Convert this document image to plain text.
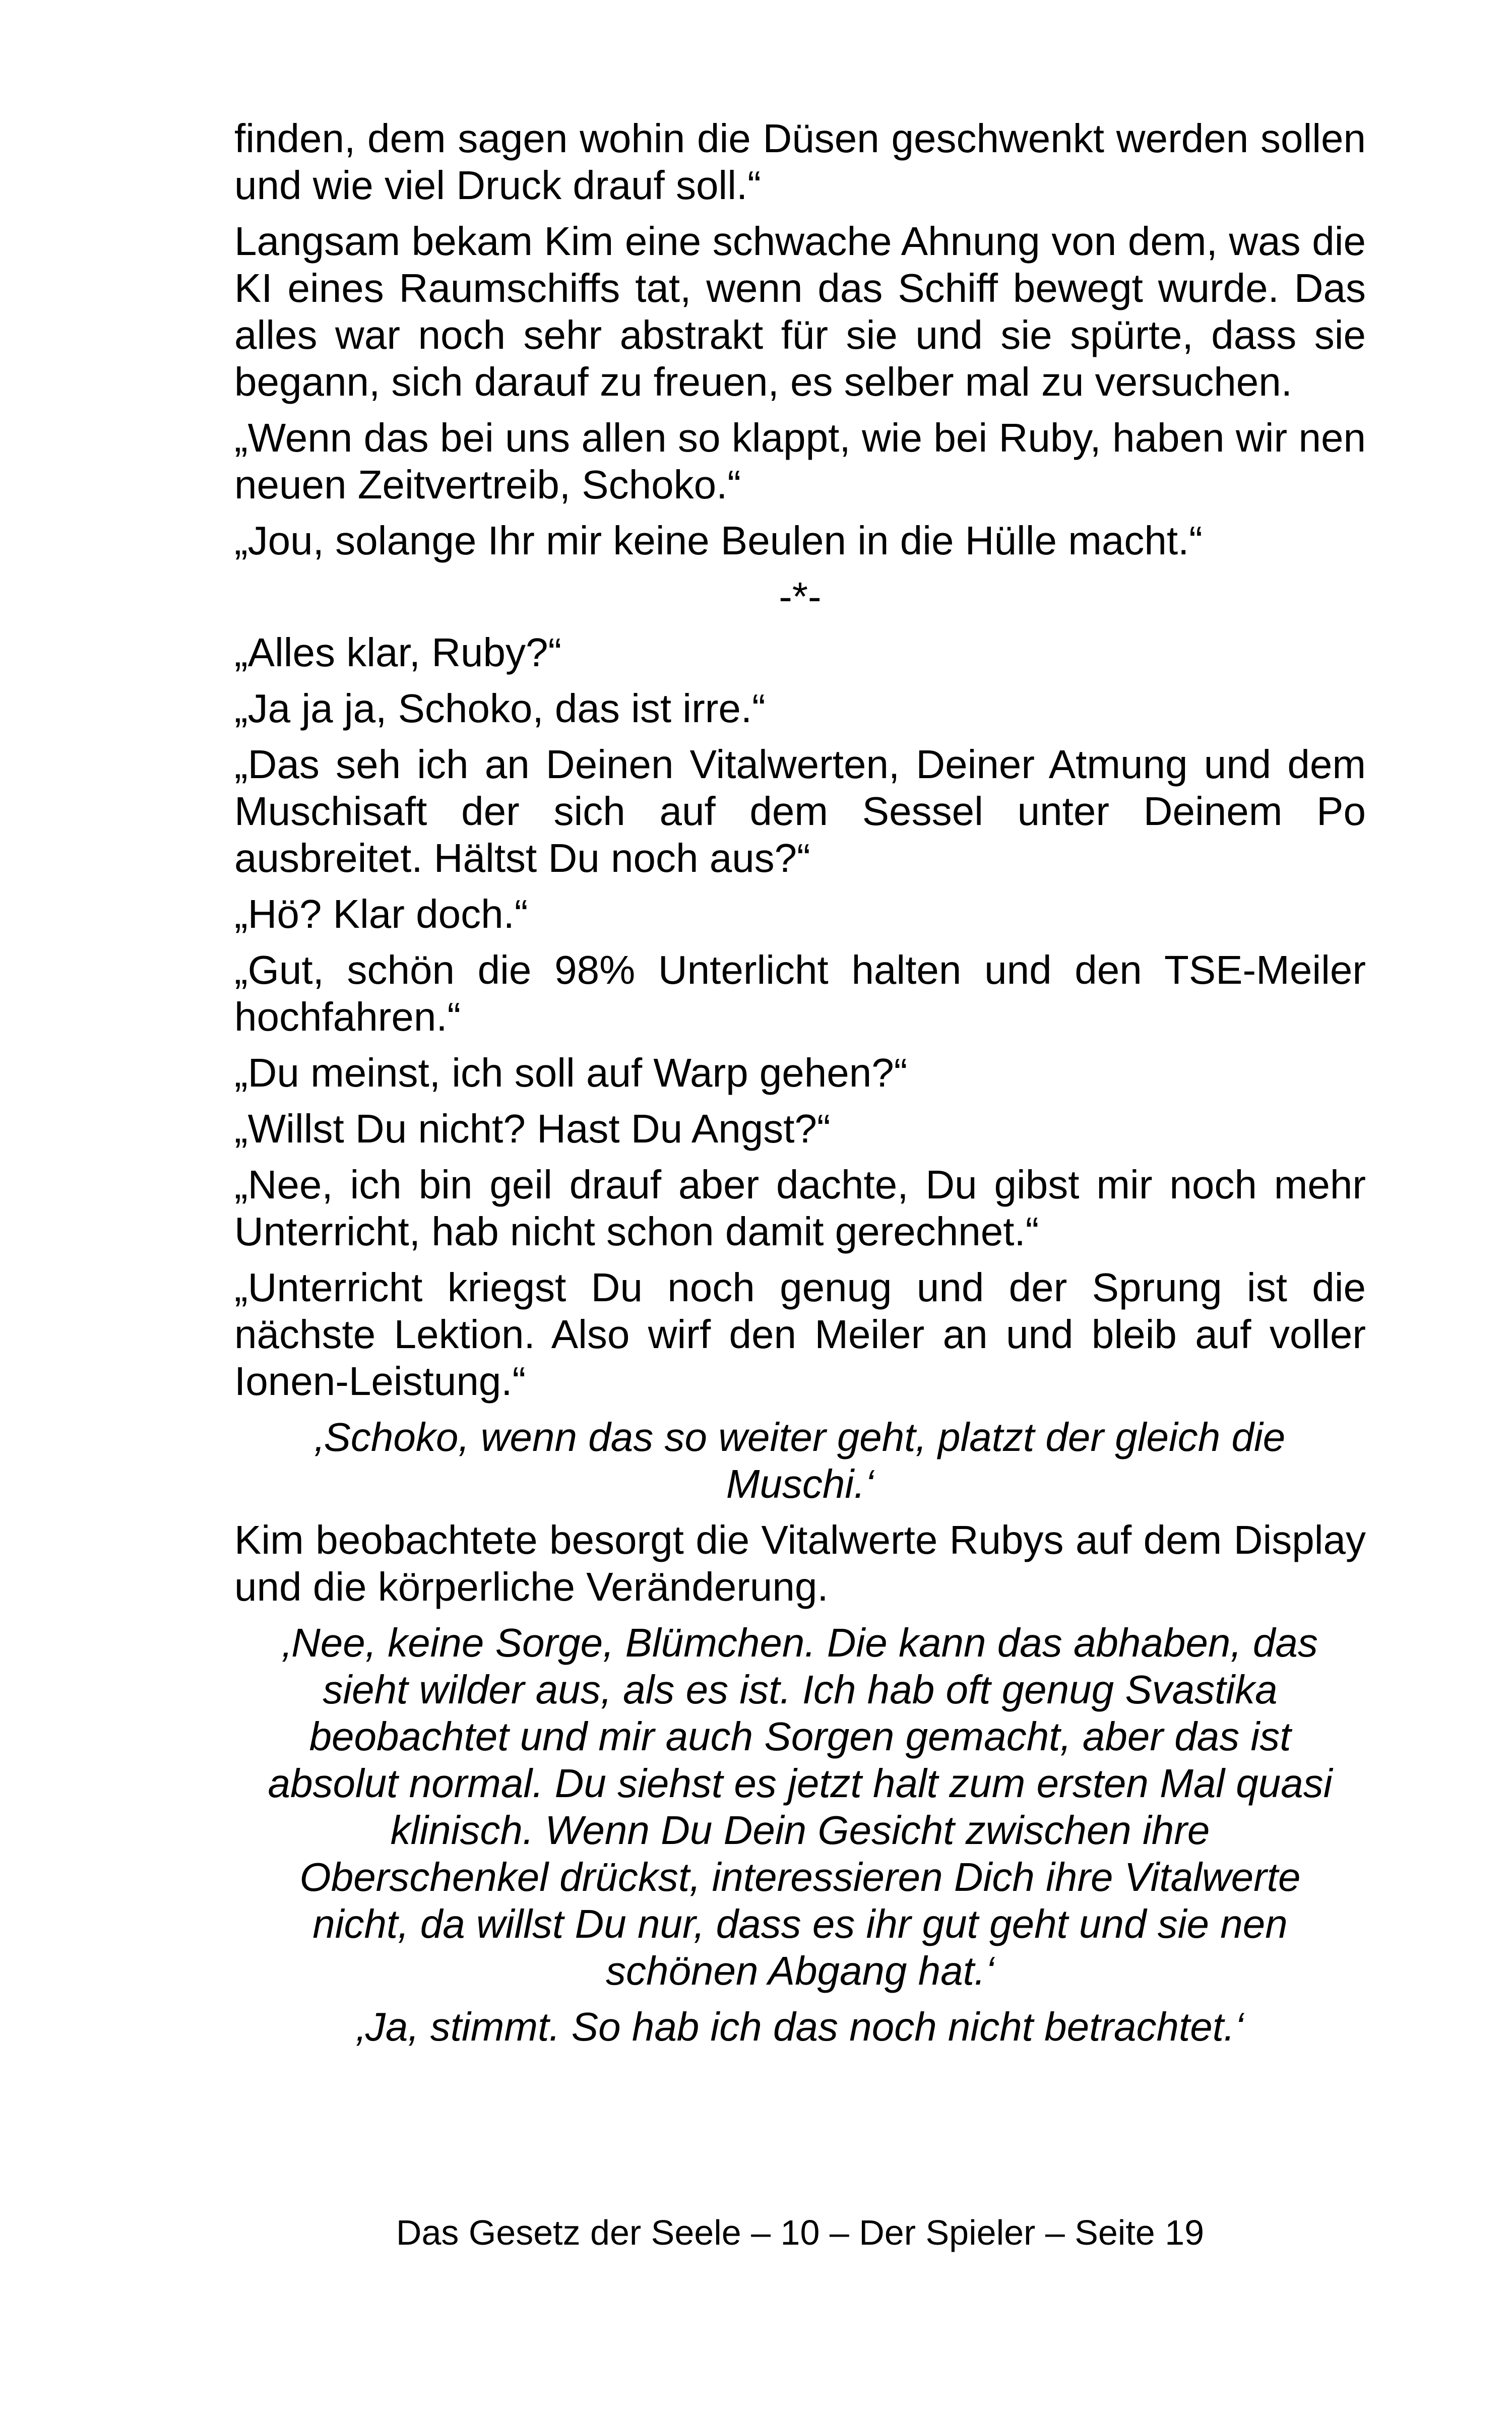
finden, dem sagen wohin die Düsen geschwenkt werden sollen und wie viel Druck drauf soll.“

Langsam bekam Kim eine schwache Ahnung von dem, was die KI eines Raumschiffs tat, wenn das Schiff bewegt wurde. Das alles war noch sehr abstrakt für sie und sie spürte, dass sie begann, sich darauf zu freuen, es selber mal zu versuchen.

„Wenn das bei uns allen so klappt, wie bei Ruby, haben wir nen neuen Zeitvertreib, Schoko.“

„Jou, solange Ihr mir keine Beulen in die Hülle macht.“

-*-

„Alles klar, Ruby?“

„Ja ja ja, Schoko, das ist irre.“

„Das seh ich an Deinen Vitalwerten, Deiner Atmung und dem Muschisaft der sich auf dem Sessel unter Deinem Po ausbreitet. Hältst Du noch aus?“

„Hö? Klar doch.“

„Gut, schön die 98% Unterlicht halten und den TSE-Meiler hochfahren.“

„Du meinst, ich soll auf Warp gehen?“

„Willst Du nicht? Hast Du Angst?“

„Nee, ich bin geil drauf aber dachte, Du gibst mir noch mehr Unterricht, hab nicht schon damit gerechnet.“

„Unterricht kriegst Du noch genug und der Sprung ist die nächste Lektion. Also wirf den Meiler an und bleib auf voller Ionen-Leistung.“

‚Schoko, wenn das so weiter geht, platzt der gleich die Muschi.‘

Kim beobachtete besorgt die Vitalwerte Rubys auf dem Display und die körperliche Veränderung.

‚Nee, keine Sorge, Blümchen. Die kann das abhaben, das sieht wilder aus, als es ist. Ich hab oft genug Svastika beobachtet und mir auch Sorgen gemacht, aber das ist absolut normal. Du siehst es jetzt halt zum ersten Mal quasi klinisch. Wenn Du Dein Gesicht zwischen ihre Oberschenkel drückst, interessieren Dich ihre Vitalwerte nicht, da willst Du nur, dass es ihr gut geht und sie nen schönen Abgang hat.‘

‚Ja, stimmt. So hab ich das noch nicht betrachtet.‘

Das Gesetz der Seele – 10 – Der Spieler – Seite 19
